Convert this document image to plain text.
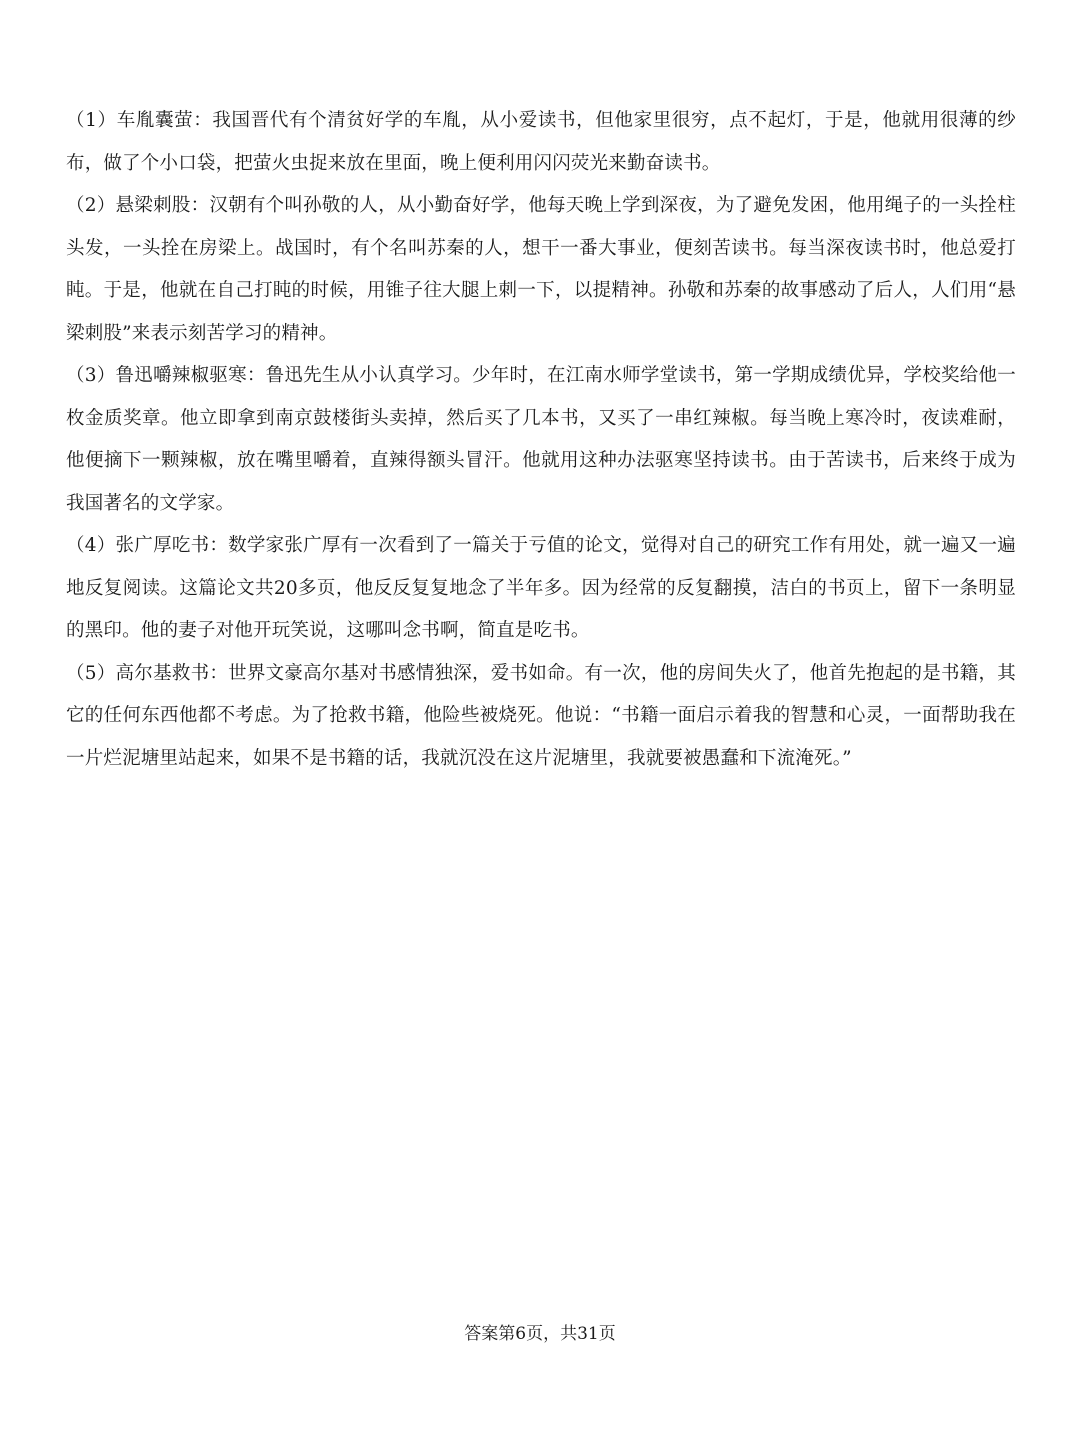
（1）车胤囊萤：我国晋代有个清贫好学的车胤，从小爱读书，但他家里很穷，点不起灯，于是，他就用很薄的纱布，做了个小口袋，把萤火虫捉来放在里面，晚上便利用闪闪荧光来勤奋读书。

（2）悬梁刺股：汉朝有个叫孙敬的人，从小勤奋好学，他每天晚上学到深夜，为了避免发困，他用绳子的一头拴柱头发，一头拴在房梁上。战国时，有个名叫苏秦的人，想干一番大事业，便刻苦读书。每当深夜读书时，他总爱打盹。于是，他就在自己打盹的时候，用锥子往大腿上刺一下，以提精神。孙敬和苏秦的故事感动了后人，人们用“悬梁刺股”来表示刻苦学习的精神。

（3）鲁迅嚼辣椒驱寒：鲁迅先生从小认真学习。少年时，在江南水师学堂读书，第一学期成绩优异，学校奖给他一枚金质奖章。他立即拿到南京鼓楼街头卖掉，然后买了几本书，又买了一串红辣椒。每当晚上寒冷时，夜读难耐，他便摘下一颗辣椒，放在嘴里嚼着，直辣得额头冒汗。他就用这种办法驱寒坚持读书。由于苦读书，后来终于成为我国著名的文学家。

（4）张广厚吃书：数学家张广厚有一次看到了一篇关于亏值的论文，觉得对自己的研究工作有用处，就一遍又一遍地反复阅读。这篇论文共20多页，他反反复复地念了半年多。因为经常的反复翻摸，洁白的书页上，留下一条明显的黑印。他的妻子对他开玩笑说，这哪叫念书啊，简直是吃书。

（5）高尔基救书：世界文豪高尔基对书感情独深，爱书如命。有一次，他的房间失火了，他首先抱起的是书籍，其它的任何东西他都不考虑。为了抢救书籍，他险些被烧死。他说：“书籍一面启示着我的智慧和心灵，一面帮助我在一片烂泥塘里站起来，如果不是书籍的话，我就沉没在这片泥塘里，我就要被愚蠢和下流淹死。”

答案第6页，共31页
